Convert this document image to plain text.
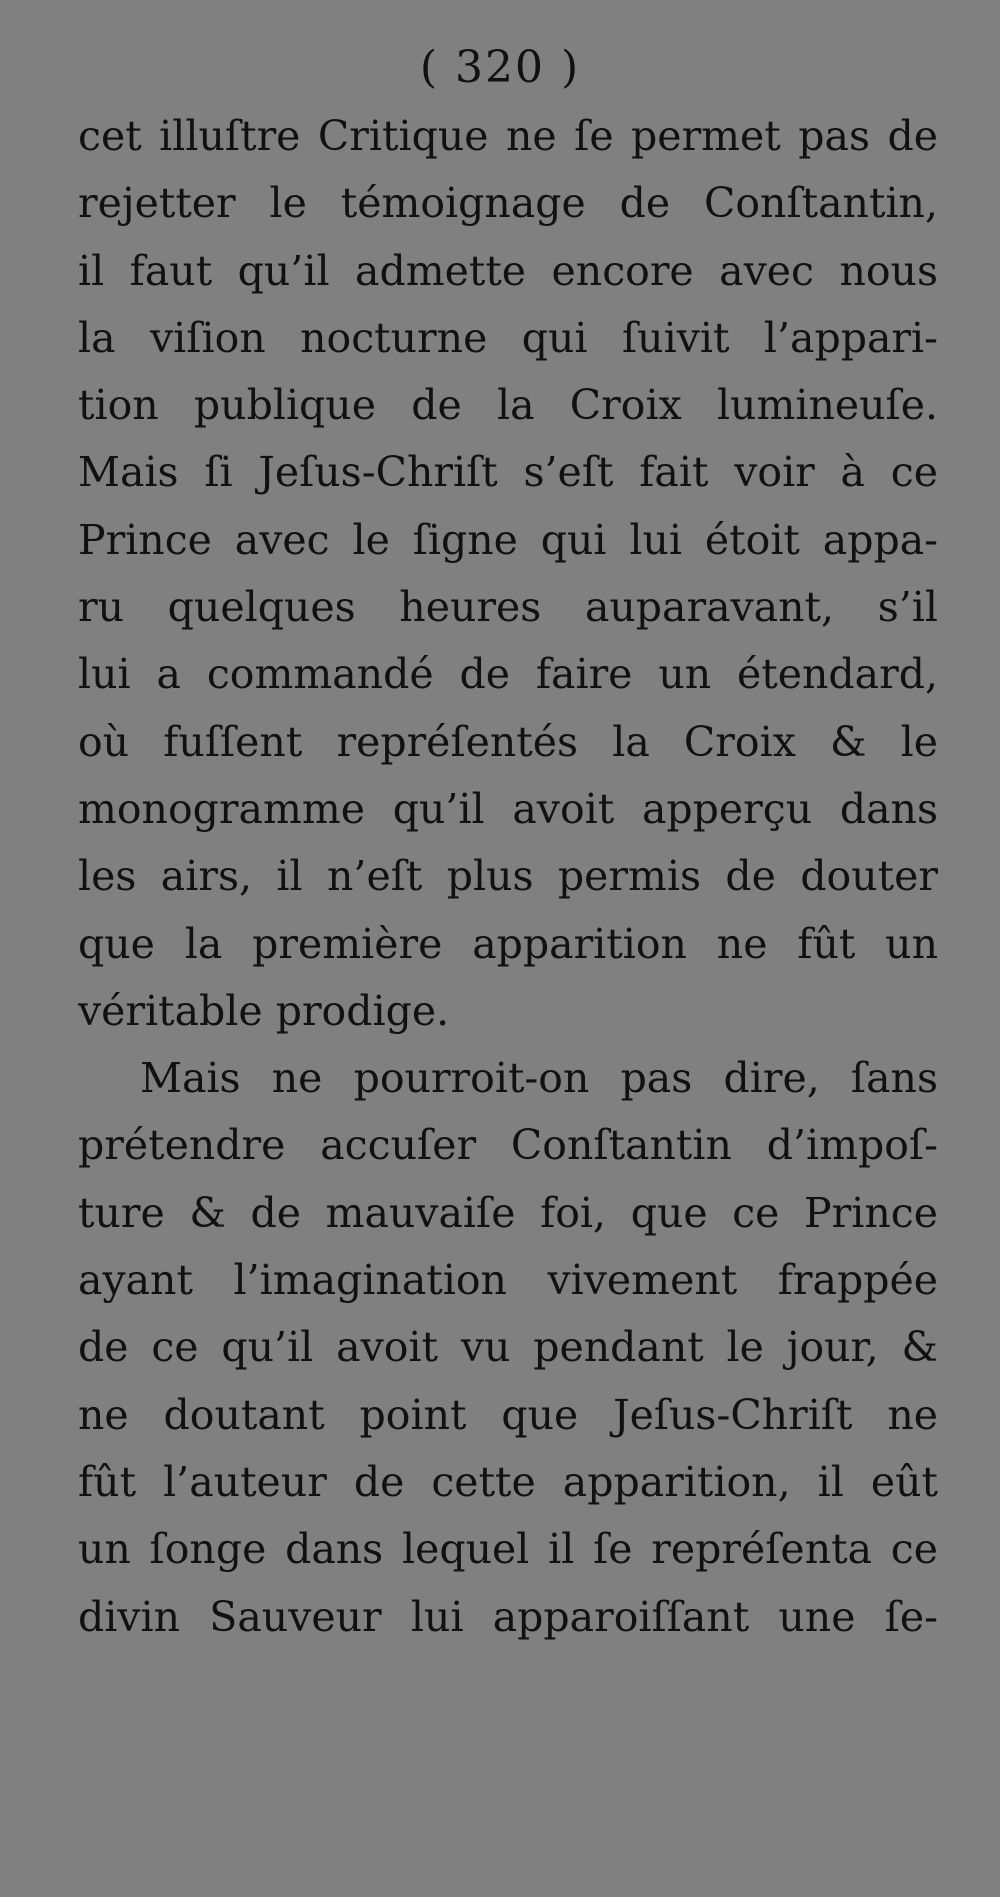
( 320 )
cet illuſtre Critique ne ſe permet pas de
rejetter le témoignage de Conſtantin,
il faut qu’il admette encore avec nous
la viſion nocturne qui ſuivit l’appari-
tion publique de la Croix lumineuſe.
Mais ſi Jeſus-Chriſt s’eſt fait voir à ce
Prince avec le ſigne qui lui étoit appa-
ru quelques heures auparavant, s’il
lui a commandé de faire un étendard,
où fuſſent repréſentés la Croix & le
monogramme qu’il avoit apperçu dans
les airs, il n’eſt plus permis de douter
que la première apparition ne fût un
véritable prodige.
Mais ne pourroit-on pas dire, ſans
prétendre accuſer Conſtantin d’impoſ-
ture & de mauvaiſe foi, que ce Prince
ayant l’imagination vivement frappée
de ce qu’il avoit vu pendant le jour, &
ne doutant point que Jeſus-Chriſt ne
fût l’auteur de cette apparition, il eût
un ſonge dans lequel il ſe repréſenta ce
divin Sauveur lui apparoiſſant une ſe-
